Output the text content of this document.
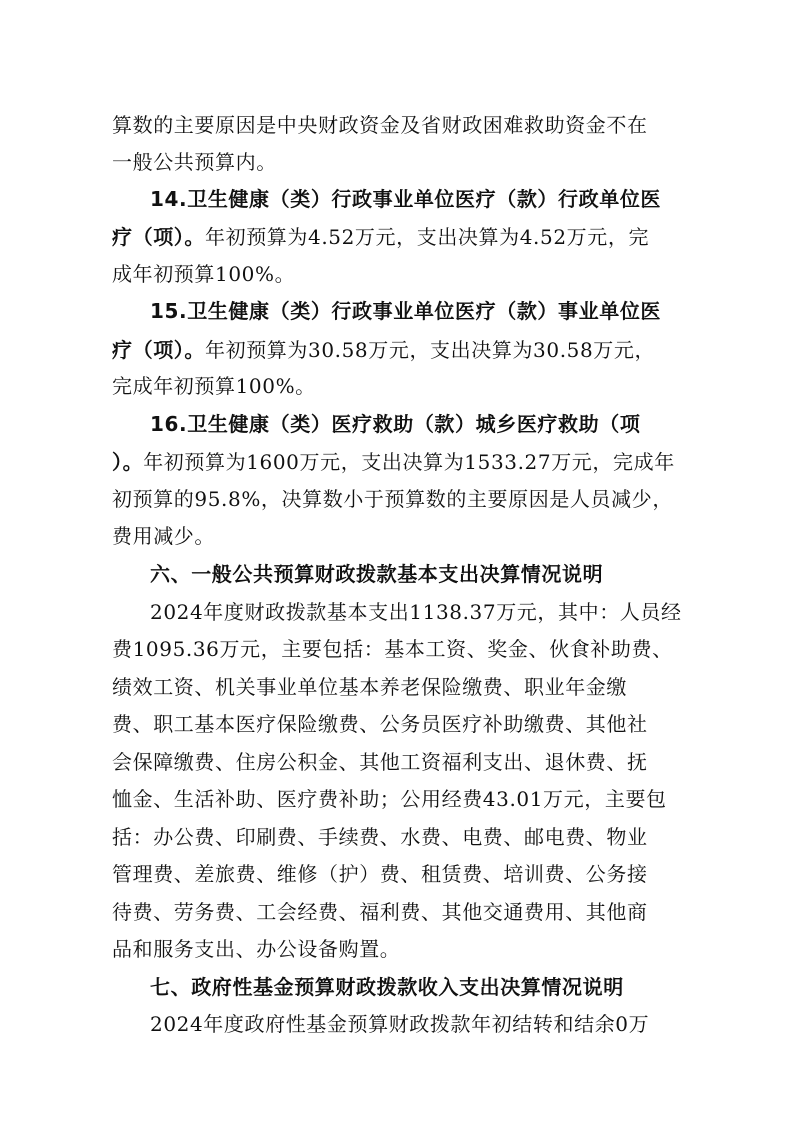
算数的主要原因是中央财政资金及省财政困难救助资金不在
一般公共预算内。
14.卫生健康（类）行政事业单位医疗（款）行政单位医
疗（项）。年初预算为4.52万元，支出决算为4.52万元，完
成年初预算100%。
15.卫生健康（类）行政事业单位医疗（款）事业单位医
疗（项）。年初预算为30.58万元，支出决算为30.58万元，
完成年初预算100%。
16.卫生健康（类）医疗救助（款）城乡医疗救助（项
）。年初预算为1600万元，支出决算为1533.27万元，完成年
初预算的95.8%，决算数小于预算数的主要原因是人员减少，
费用减少。
六、一般公共预算财政拨款基本支出决算情况说明
2024年度财政拨款基本支出1138.37万元，其中：人员经
费1095.36万元，主要包括：基本工资、奖金、伙食补助费、
绩效工资、机关事业单位基本养老保险缴费、职业年金缴
费、职工基本医疗保险缴费、公务员医疗补助缴费、其他社
会保障缴费、住房公积金、其他工资福利支出、退休费、抚
恤金、生活补助、医疗费补助；公用经费43.01万元，主要包
括：办公费、印刷费、手续费、水费、电费、邮电费、物业
管理费、差旅费、维修（护）费、租赁费、培训费、公务接
待费、劳务费、工会经费、福利费、其他交通费用、其他商
品和服务支出、办公设备购置。
七、政府性基金预算财政拨款收入支出决算情况说明
2024年度政府性基金预算财政拨款年初结转和结余0万
